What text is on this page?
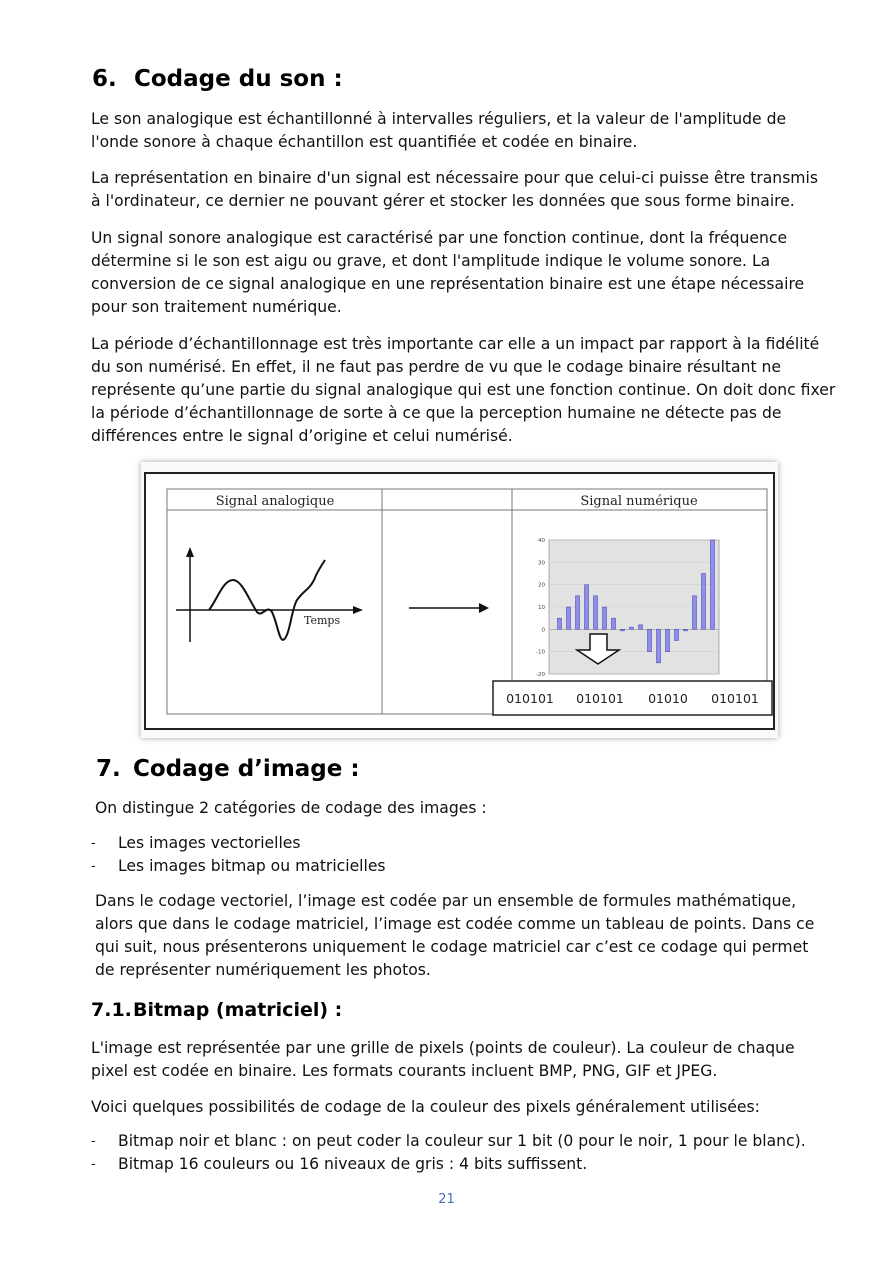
6. Codage du son :

Le son analogique est échantillonné à intervalles réguliers, et la valeur de l'amplitude de l'onde sonore à chaque échantillon est quantifiée et codée en binaire.

La représentation en binaire d'un signal est nécessaire pour que celui-ci puisse être transmis à l'ordinateur, ce dernier ne pouvant gérer et stocker les données que sous forme binaire.

Un signal sonore analogique est caractérisé par une fonction continue, dont la fréquence détermine si le son est aigu ou grave, et dont l'amplitude indique le volume sonore. La conversion de ce signal analogique en une représentation binaire est une étape nécessaire pour son traitement numérique.

La période d’échantillonnage est très importante car elle a un impact par rapport à la fidélité du son numérisé. En effet, il ne faut pas perdre de vu que le codage binaire résultant ne représente qu’une partie du signal analogique qui est une fonction continue. On doit donc fixer la période d’échantillonnage de sorte à ce que la perception humaine ne détecte pas de différences entre le signal d’origine et celui numérisé.

Signal analogique	Signal numérique
Temps
40
30
20
10
0
-10
-20
010101 010101 01010 010101
7. Codage d’image :

On distingue 2 catégories de codage des images :

- Les images vectorielles
- Les images bitmap ou matricielles

Dans le codage vectoriel, l’image est codée par un ensemble de formules mathématique, alors que dans le codage matriciel, l’image est codée comme un tableau de points. Dans ce qui suit, nous présenterons uniquement le codage matriciel car c’est ce codage qui permet de représenter numériquement les photos.

7.1.Bitmap (matriciel) :

L'image est représentée par une grille de pixels (points de couleur). La couleur de chaque pixel est codée en binaire. Les formats courants incluent BMP, PNG, GIF et JPEG.

Voici quelques possibilités de codage de la couleur des pixels généralement utilisées:

- Bitmap noir et blanc : on peut coder la couleur sur 1 bit (0 pour le noir, 1 pour le blanc).
- Bitmap 16 couleurs ou 16 niveaux de gris : 4 bits suffissent.
21
